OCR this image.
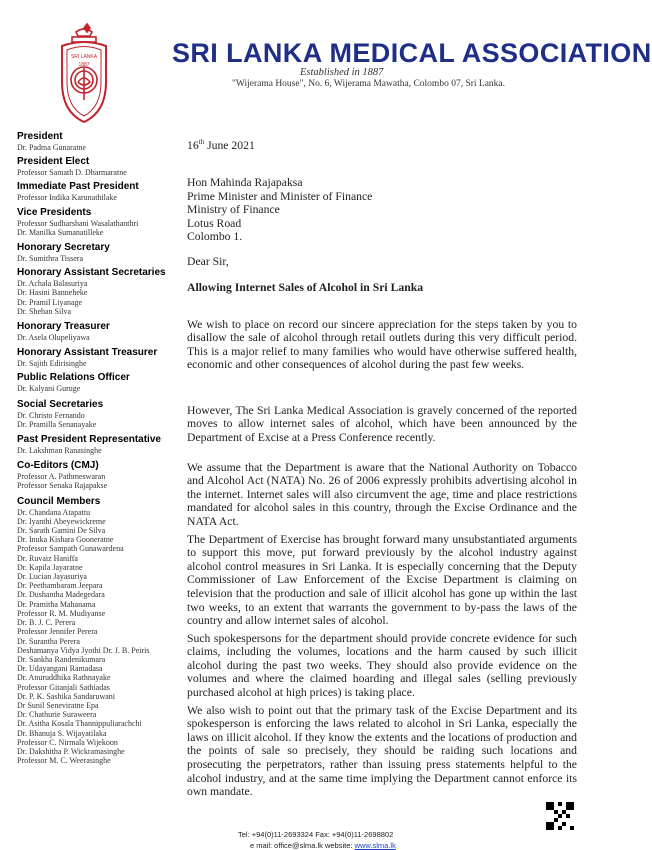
SRI LANKA
1887	SRI LANKA MEDICAL ASSOCIATION
Established in 1887
"Wijerama House", No. 6, Wijerama Mawatha, Colombo 07, Sri Lanka.
President
Dr. Padma Gunaratne
President Elect
Professor Samath D. Dharmaratne
Immediate Past President
Professor Indika Karunathilake
Vice Presidents
Professor Sudharshani Wasalathanthri
Dr. Manilka Sumanatilleke
Honorary Secretary
Dr. Sumithra Tissera
Honorary Assistant Secretaries
Dr. Achala Balasuriya
Dr. Hasini Banneheke
Dr. Pramil Liyanage
Dr. Shehan Silva
Honorary Treasurer
Dr. Asela Olupeliyawa
Honorary Assistant Treasurer
Dr. Sajith Edirisinghe
Public Relations Officer
Dr. Kalyani Guruge
Social Secretaries
Dr. Christo Fernando
Dr. Pramilla Senanayake
Past President Representative
Dr. Lakshman Ranasinghe
Co-Editors (CMJ)
Professor A. Pathmeswaran
Professor Senaka Rajapakse
Council Members
Dr. Chandana Atapattu
Dr. Iyanthi Abeyewickreme
Dr. Sarath Gamini De Silva
Dr. Inuka Kishara Gooneratne
Professor Sampath Gunawardena
Dr. Ruvaiz Haniffa
Dr. Kapila Jayaratne
Dr. Lucian Jayasuriya
Dr. Peethambaram Jeepara
Dr. Dushantha Madegedara
Dr. Pramitha Mahanama
Professor R. M. Mudiyanse
Dr. B. J. C. Perera
Professor Jennifer Perera
Dr. Surantha Perera
Deshamanya Vidya Jyothi Dr. J. B. Peiris
Dr. Sankha Randenikumara
Dr. Udayangani Ramadasa
Dr. Anuruddhika Rathnayake
Professor Gitanjali Sathiadas
Dr. P. K. Sashika Sandaruwani
Dr Sunil Seneviratne Epa
Dr. Chathurie Suraweera
Dr. Asitha Kosala Thannippuliarachchi
Dr. Bhanuja S. Wijayatilaka
Professor C. Nirmala Wijekoon
Dr. Dakshitha P. Wickramasinghe
Professor M. C. Weerasinghe
16th June 2021
Hon Mahinda Rajapaksa
Prime Minister and Minister of Finance
Ministry of Finance
Lotus Road
Colombo 1.
Dear Sir,
Allowing Internet Sales of Alcohol in Sri Lanka

We wish to place on record our sincere appreciation for the steps taken by you to disallow the sale of alcohol through retail outlets during this very difficult period. This is a major relief to many families who would have otherwise suffered health, economic and other consequences of alcohol during the past few weeks.

However, The Sri Lanka Medical Association is gravely concerned of the reported moves to allow internet sales of alcohol, which have been announced by the Department of Excise at a Press Conference recently.

We assume that the Department is aware that the National Authority on Tobacco and Alcohol Act (NATA) No. 26 of 2006 expressly prohibits advertising alcohol in the internet. Internet sales will also circumvent the age, time and place restrictions mandated for alcohol sales in this country, through the Excise Ordinance and the NATA Act.

The Department of Exercise has brought forward many unsubstantiated arguments to support this move, put forward previously by the alcohol industry against alcohol control measures in Sri Lanka. It is especially concerning that the Deputy Commissioner of Law Enforcement of the Excise Department is claiming on television that the production and sale of illicit alcohol has gone up within the last two weeks, to an extent that warrants the government to by-pass the laws of the country and allow internet sales of alcohol.

Such spokespersons for the department should provide concrete evidence for such claims, including the volumes, locations and the harm caused by such illicit alcohol during the past two weeks. They should also provide evidence on the volumes and where the claimed hoarding and illegal sales (selling previously purchased alcohol at high prices) is taking place.

We also wish to point out that the primary task of the Excise Department and its spokesperson is enforcing the laws related to alcohol in Sri Lanka, especially the laws on illicit alcohol. If they know the extents and the locations of production and the points of sale so precisely, they should be raiding such locations and prosecuting the perpetrators, rather than issuing press statements helpful to the alcohol industry, and at the same time implying the Department cannot enforce its own mandate.

Tel: +94(0)11-2693324 Fax: +94(0)11-2698802
e mail: office@slma.lk website: www.slma.lk
